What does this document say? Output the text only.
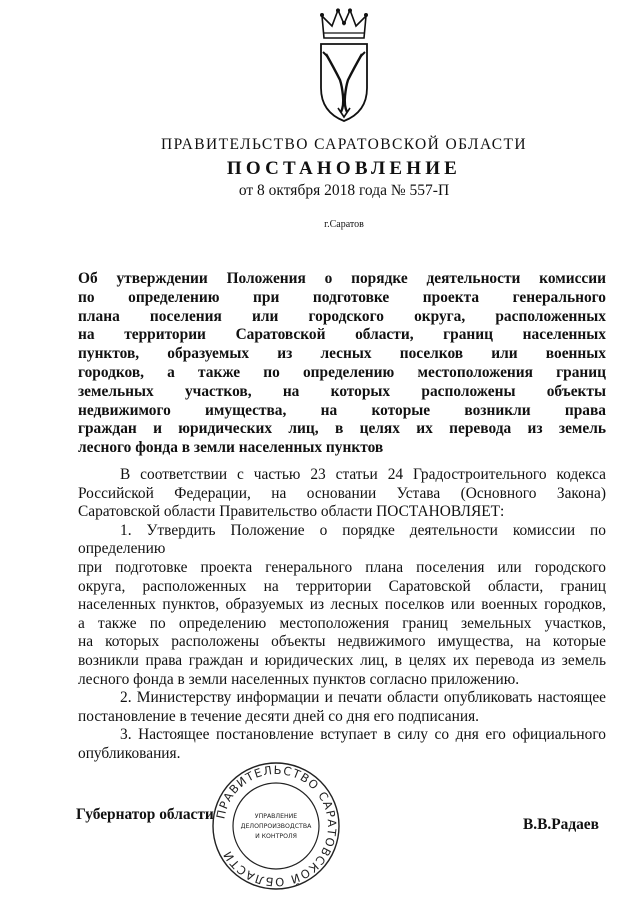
ПРАВИТЕЛЬСТВО САРАТОВСКОЙ ОБЛАСТИ
ПОСТАНОВЛЕНИЕ
от 8 октября 2018 года № 557-П
г.Саратов
Об утверждении Положения о порядке деятельности комиссии
по определению при подготовке проекта генерального
плана поселения или городского округа, расположенных
на территории Саратовской области, границ населенных
пунктов, образуемых из лесных поселков или военных
городков, а также по определению местоположения границ
земельных участков, на которых расположены объекты
недвижимого имущества, на которые возникли права
граждан и юридических лиц, в целях их перевода из земель
лесного фонда в земли населенных пунктов
В соответствии с частью 23 статьи 24 Градостроительного кодекса
Российской Федерации, на основании Устава (Основного Закона)
Саратовской области Правительство области ПОСТАНОВЛЯЕТ:
1. Утвердить Положение о порядке деятельности комиссии по определению
при подготовке проекта генерального плана поселения или городского
округа, расположенных на территории Саратовской области, границ
населенных пунктов, образуемых из лесных поселков или военных городков,
а также по определению местоположения границ земельных участков,
на которых расположены объекты недвижимого имущества, на которые
возникли права граждан и юридических лиц, в целях их перевода из земель
лесного фонда в земли населенных пунктов согласно приложению.
2. Министерству информации и печати области опубликовать настоящее
постановление в течение десяти дней со дня его подписания.
3. Настоящее постановление вступает в силу со дня его официального
опубликования.
Губернатор области
В.В.Радаев
ПРАВИТЕЛЬСТВО САРАТОВСКОЙ ОБЛАСТИ
УПРАВЛЕНИЕ
ДЕЛОПРОИЗВОДСТВА
И КОНТРОЛЯ
